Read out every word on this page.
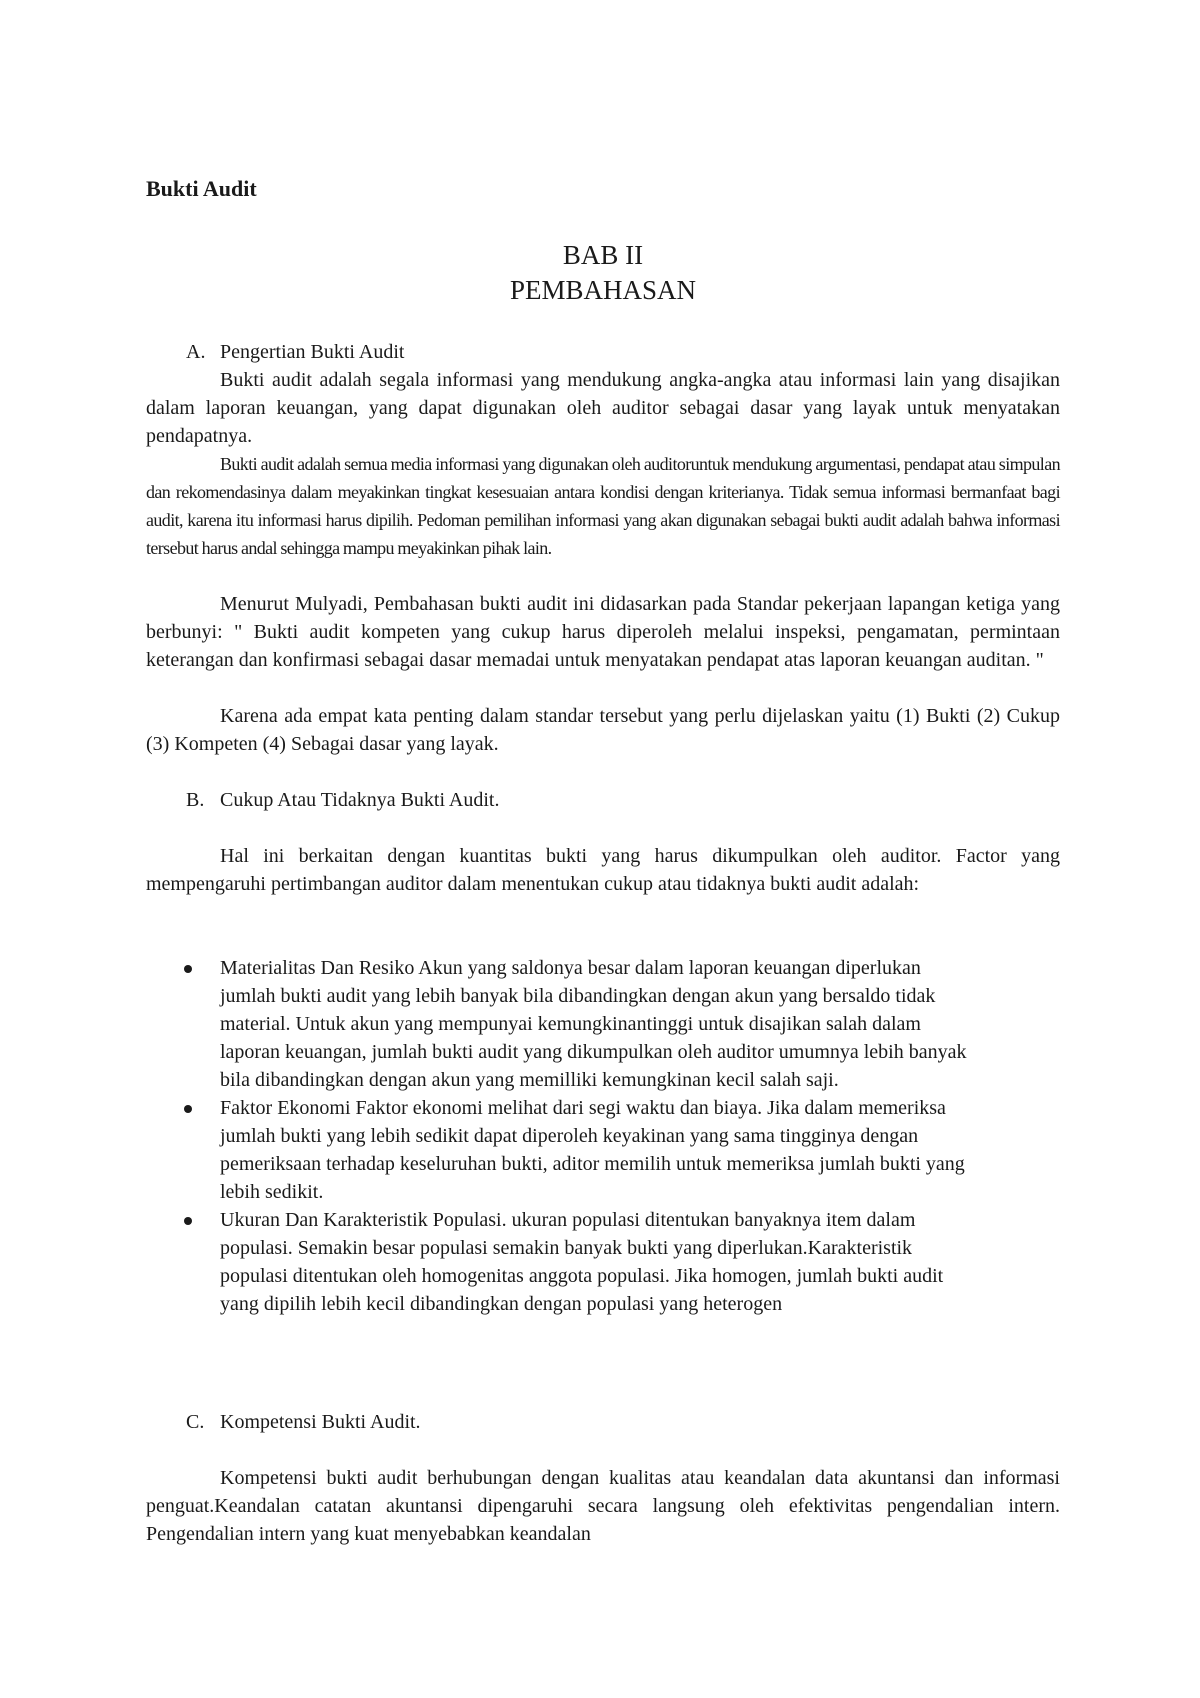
Bukti Audit
BAB II
PEMBAHASAN
A. Pengertian Bukti Audit

Bukti audit adalah segala informasi yang mendukung angka-angka atau informasi lain yang disajikan dalam laporan keuangan, yang dapat digunakan oleh auditor sebagai dasar yang layak untuk menyatakan pendapatnya.

Bukti audit adalah semua media informasi yang digunakan oleh auditoruntuk mendukung argumentasi, pendapat atau simpulan dan rekomendasinya dalam meyakinkan tingkat kesesuaian antara kondisi dengan kriterianya. Tidak semua informasi bermanfaat bagi audit, karena itu informasi harus dipilih. Pedoman pemilihan informasi yang akan digunakan sebagai bukti audit adalah bahwa informasi tersebut harus andal sehingga mampu meyakinkan pihak lain.

Menurut Mulyadi, Pembahasan bukti audit ini didasarkan pada Standar pekerjaan lapangan ketiga yang berbunyi: " Bukti audit kompeten yang cukup harus diperoleh melalui inspeksi, pengamatan, permintaan keterangan dan konfirmasi sebagai dasar memadai untuk menyatakan pendapat atas laporan keuangan auditan. "

Karena ada empat kata penting dalam standar tersebut yang perlu dijelaskan yaitu (1) Bukti (2) Cukup (3) Kompeten (4) Sebagai dasar yang layak.

B. Cukup Atau Tidaknya Bukti Audit.

Hal ini berkaitan dengan kuantitas bukti yang harus dikumpulkan oleh auditor. Factor yang mempengaruhi pertimbangan auditor dalam menentukan cukup atau tidaknya bukti audit adalah:

Materialitas Dan Resiko Akun yang saldonya besar dalam laporan keuangan diperlukan jumlah bukti audit yang lebih banyak bila dibandingkan dengan akun yang bersaldo tidak material. Untuk akun yang mempunyai kemungkinantinggi untuk disajikan salah dalam laporan keuangan, jumlah bukti audit yang dikumpulkan oleh auditor umumnya lebih banyak bila dibandingkan dengan akun yang memilliki kemungkinan kecil salah saji.
Faktor Ekonomi Faktor ekonomi melihat dari segi waktu dan biaya. Jika dalam memeriksa jumlah bukti yang lebih sedikit dapat diperoleh keyakinan yang sama tingginya dengan pemeriksaan terhadap keseluruhan bukti, aditor memilih untuk memeriksa jumlah bukti yang lebih sedikit.
Ukuran Dan Karakteristik Populasi. ukuran populasi ditentukan banyaknya item dalam populasi. Semakin besar populasi semakin banyak bukti yang diperlukan.Karakteristik populasi ditentukan oleh homogenitas anggota populasi. Jika homogen, jumlah bukti audit yang dipilih lebih kecil dibandingkan dengan populasi yang heterogen
C. Kompetensi Bukti Audit.

Kompetensi bukti audit berhubungan dengan kualitas atau keandalan data akuntansi dan informasi penguat.Keandalan catatan akuntansi dipengaruhi secara langsung oleh efektivitas pengendalian intern. Pengendalian intern yang kuat menyebabkan keandalan
